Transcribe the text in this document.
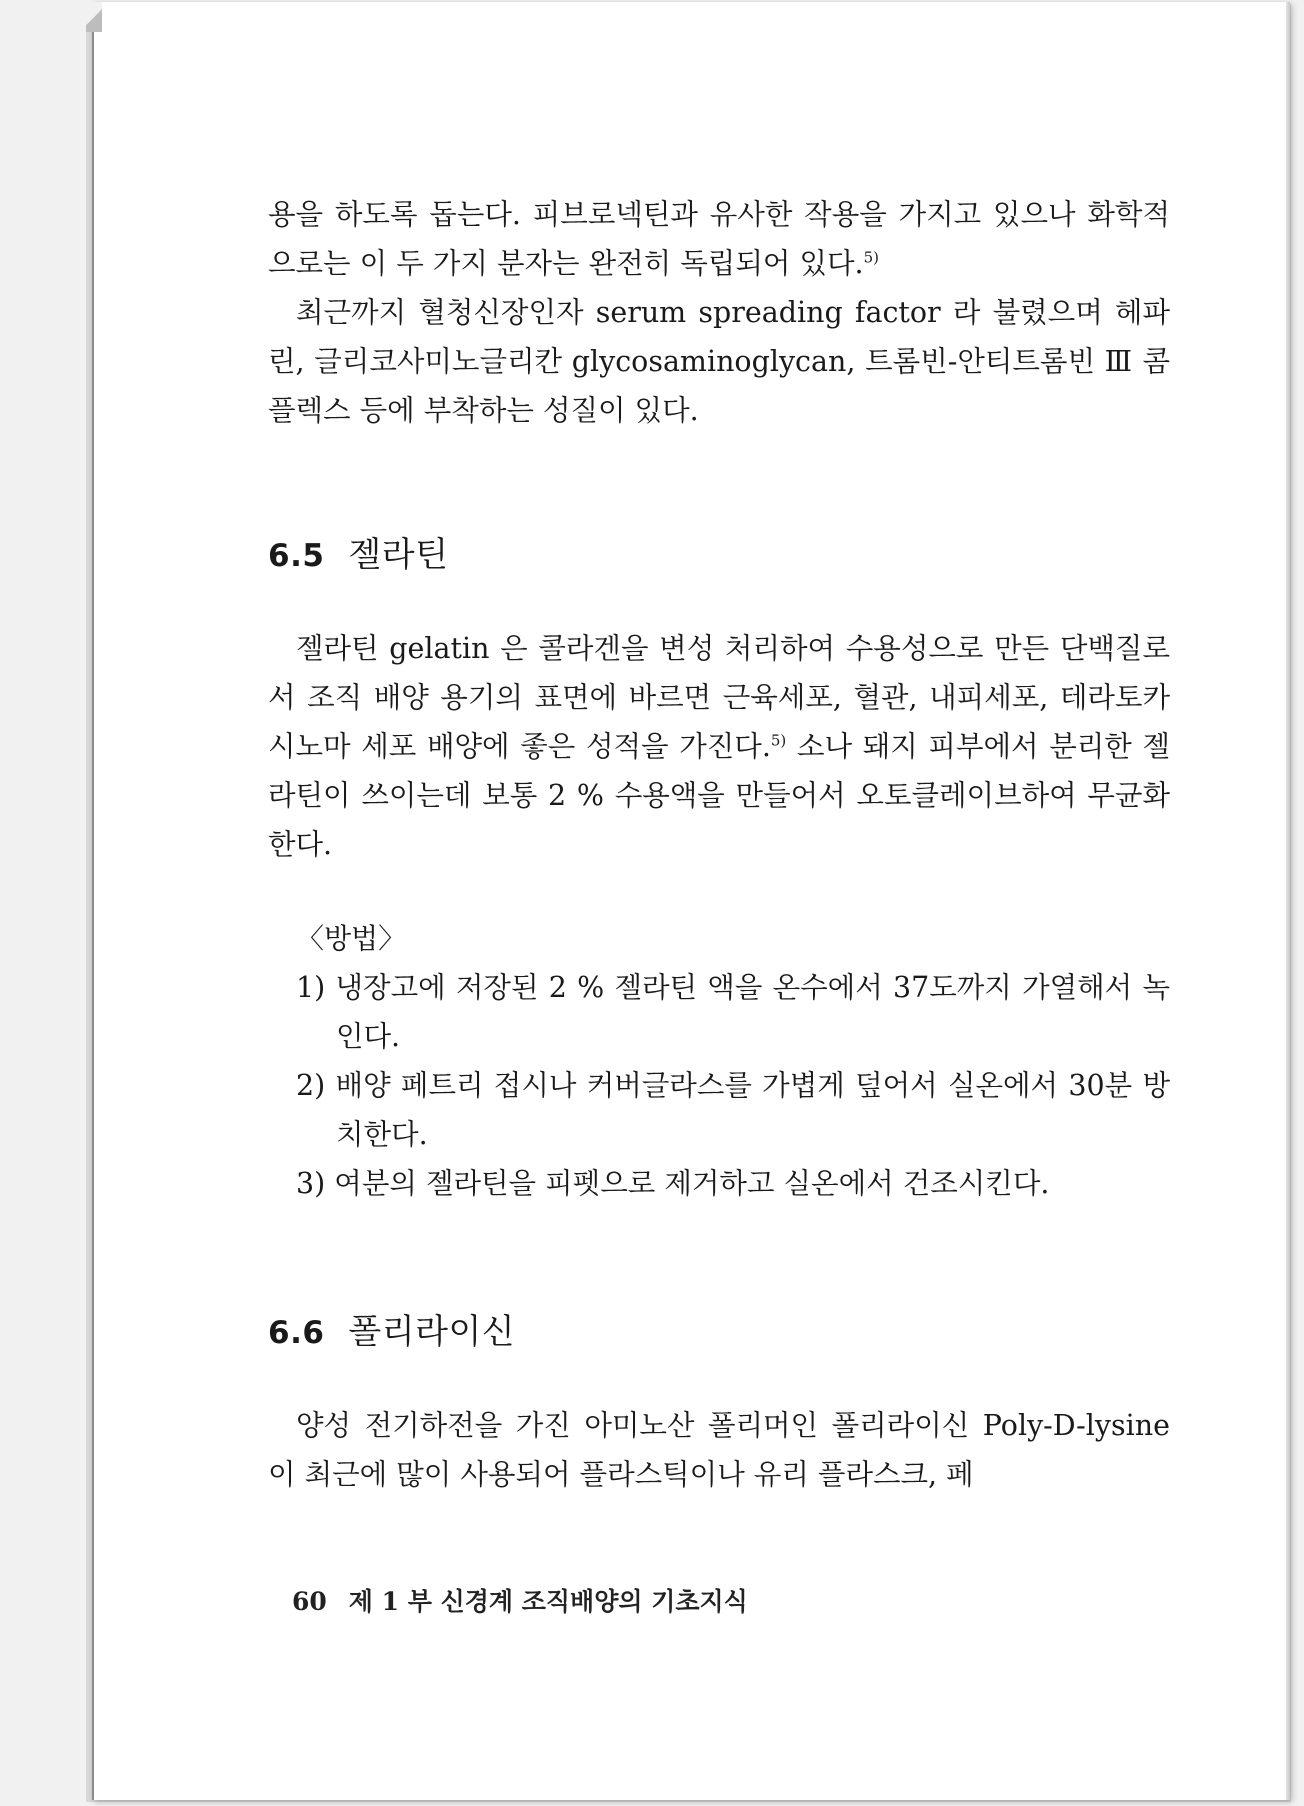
용을 하도록 돕는다. 피브로넥틴과 유사한 작용을 가지고 있으나 화학적으로는 이 두 가지 분자는 완전히 독립되어 있다.$^{5)}$

최근까지 혈청신장인자 serum spreading factor 라 불렸으며 헤파린, 글리코사미노글리칸 glycosaminoglycan, 트롬빈-안티트롬빈 Ⅲ 콤플렉스 등에 부착하는 성질이 있다.

6.5 젤라틴

젤라틴 gelatin 은 콜라겐을 변성 처리하여 수용성으로 만든 단백질로서 조직 배양 용기의 표면에 바르면 근육세포, 혈관, 내피세포, 테라토카시노마 세포 배양에 좋은 성적을 가진다.$^{5)}$ 소나 돼지 피부에서 분리한 젤라틴이 쓰이는데 보통 2 % 수용액을 만들어서 오토클레이브하여 무균화한다.

〈방법〉

1) 냉장고에 저장된 2 % 젤라틴 액을 온수에서 37도까지 가열해서 녹인다.

2) 배양 페트리 접시나 커버글라스를 가볍게 덮어서 실온에서 30분 방치한다.

3) 여분의 젤라틴을 피펫으로 제거하고 실온에서 건조시킨다.

6.6 폴리라이신

양성 전기하전을 가진 아미노산 폴리머인 폴리라이신 Poly-D-lysine이 최근에 많이 사용되어 플라스틱이나 유리 플라스크, 페

60 제 1 부 신경계 조직배양의 기초지식
